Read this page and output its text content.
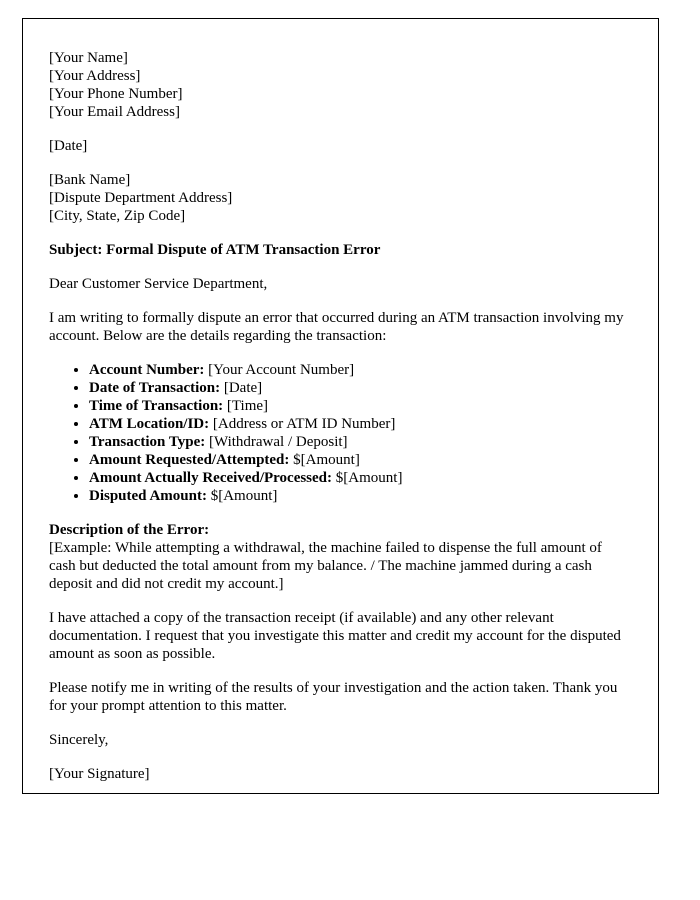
[Your Name]
[Your Address]
[Your Phone Number]
[Your Email Address]
[Date]
[Bank Name]
[Dispute Department Address]
[City, State, Zip Code]
Subject: Formal Dispute of ATM Transaction Error
Dear Customer Service Department,
I am writing to formally dispute an error that occurred during an ATM transaction involving my account. Below are the details regarding the transaction:
• Account Number: [Your Account Number]
• Date of Transaction: [Date]
• Time of Transaction: [Time]
• ATM Location/ID: [Address or ATM ID Number]
• Transaction Type: [Withdrawal / Deposit]
• Amount Requested/Attempted: $[Amount]
• Amount Actually Received/Processed: $[Amount]
• Disputed Amount: $[Amount]
Description of the Error:
[Example: While attempting a withdrawal, the machine failed to dispense the full amount of cash but deducted the total amount from my balance. / The machine jammed during a cash deposit and did not credit my account.]
I have attached a copy of the transaction receipt (if available) and any other relevant documentation. I request that you investigate this matter and credit my account for the disputed amount as soon as possible.
Please notify me in writing of the results of your investigation and the action taken. Thank you for your prompt attention to this matter.
Sincerely,
[Your Signature]
